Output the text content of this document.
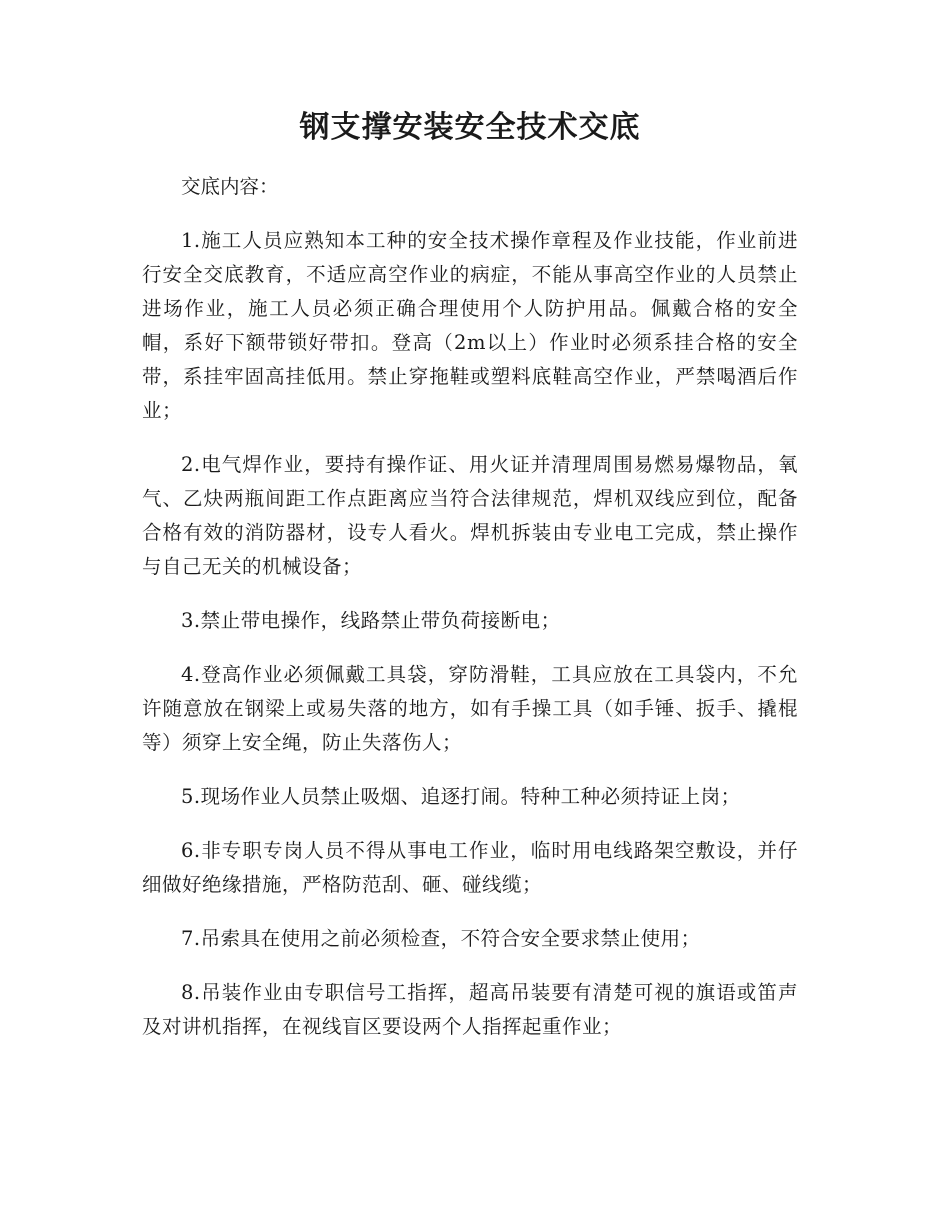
钢支撑安装安全技术交底

交底内容：

1.施工人员应熟知本工种的安全技术操作章程及作业技能，作业前进行安全交底教育，不适应高空作业的病症，不能从事高空作业的人员禁止进场作业，施工人员必须正确合理使用个人防护用品。佩戴合格的安全帽，系好下额带锁好带扣。登高（2m以上）作业时必须系挂合格的安全带，系挂牢固高挂低用。禁止穿拖鞋或塑料底鞋高空作业，严禁喝酒后作业；

2.电气焊作业，要持有操作证、用火证并清理周围易燃易爆物品，氧气、乙炔两瓶间距工作点距离应当符合法律规范，焊机双线应到位，配备合格有效的消防器材，设专人看火。焊机拆装由专业电工完成，禁止操作与自己无关的机械设备；

3.禁止带电操作，线路禁止带负荷接断电；

4.登高作业必须佩戴工具袋，穿防滑鞋，工具应放在工具袋内，不允许随意放在钢梁上或易失落的地方，如有手操工具（如手锤、扳手、撬棍等）须穿上安全绳，防止失落伤人；

5.现场作业人员禁止吸烟、追逐打闹。特种工种必须持证上岗；

6.非专职专岗人员不得从事电工作业，临时用电线路架空敷设，并仔细做好绝缘措施，严格防范刮、砸、碰线缆；

7.吊索具在使用之前必须检查，不符合安全要求禁止使用；

8.吊装作业由专职信号工指挥，超高吊装要有清楚可视的旗语或笛声及对讲机指挥，在视线盲区要设两个人指挥起重作业；
